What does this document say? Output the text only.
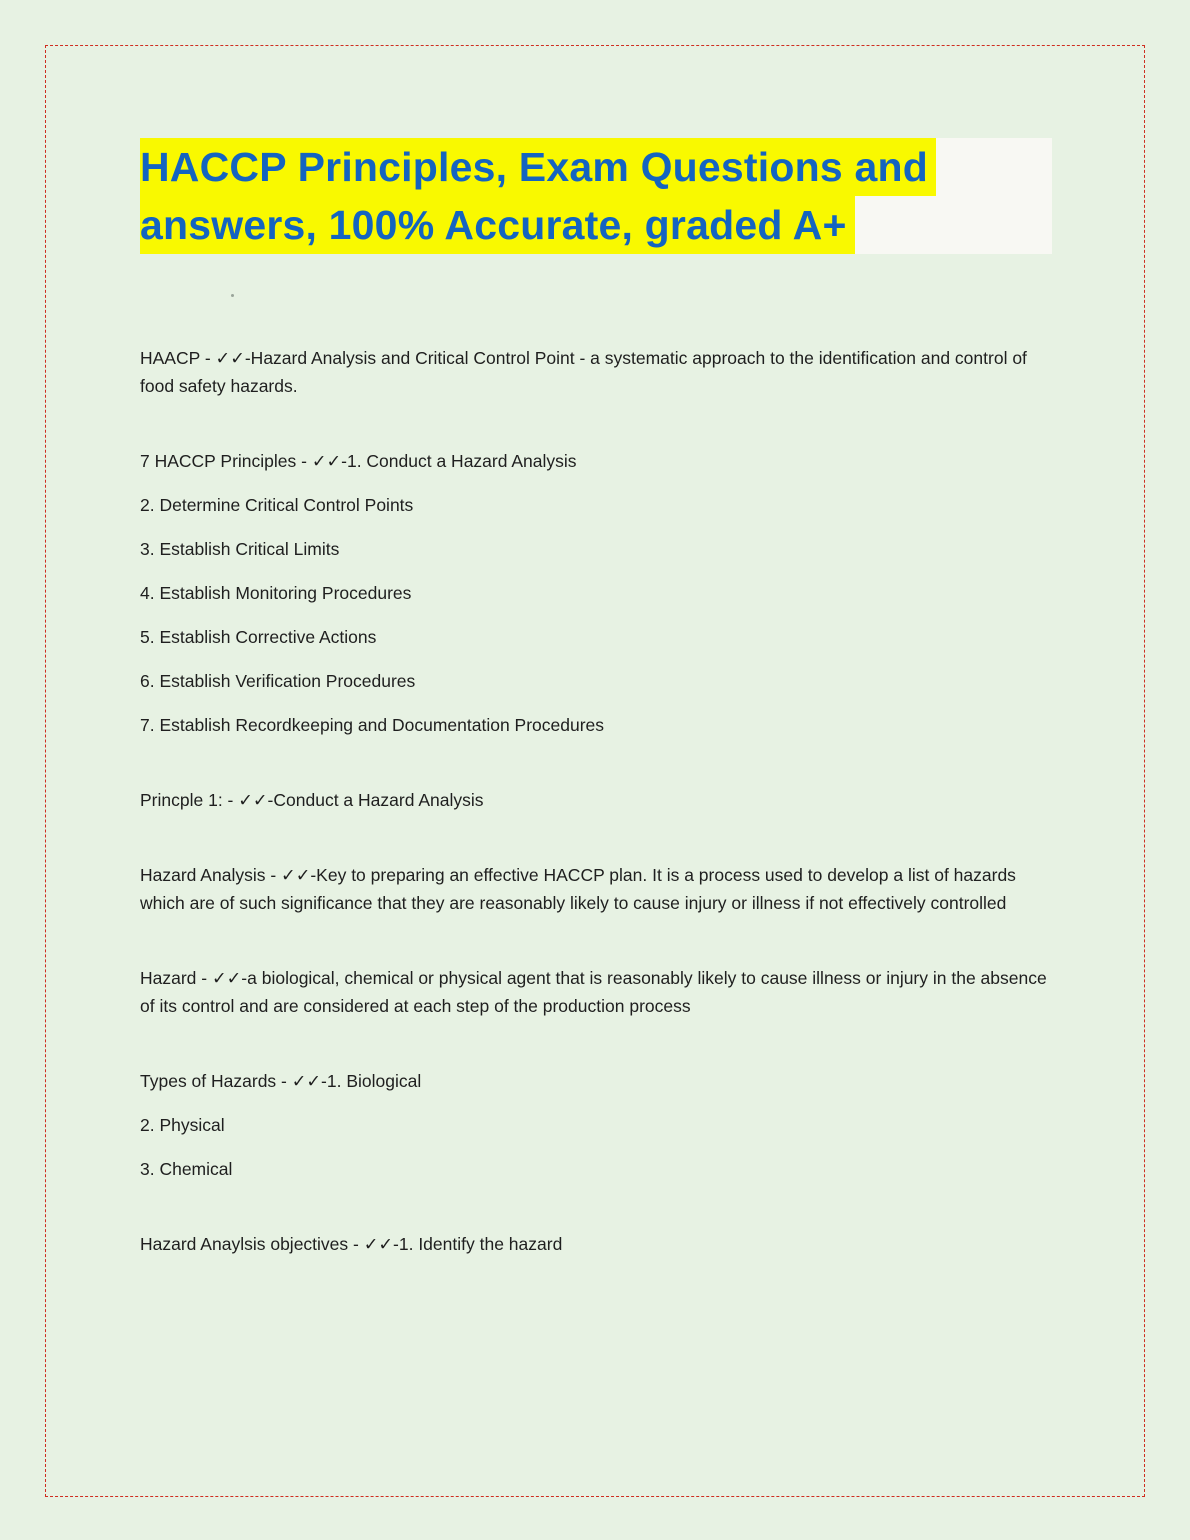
HACCP Principles, Exam Questions and
answers, 100% Accurate, graded A+

HAACP - ✓✓-Hazard Analysis and Critical Control Point - a systematic approach to the identification and control of food safety hazards.

7 HACCP Principles - ✓✓-1. Conduct a Hazard Analysis

2. Determine Critical Control Points

3. Establish Critical Limits

4. Establish Monitoring Procedures

5. Establish Corrective Actions

6. Establish Verification Procedures

7. Establish Recordkeeping and Documentation Procedures

Princple 1: - ✓✓-Conduct a Hazard Analysis

Hazard Analysis - ✓✓-Key to preparing an effective HACCP plan. It is a process used to develop a list of hazards which are of such significance that they are reasonably likely to cause injury or illness if not effectively controlled

Hazard - ✓✓-a biological, chemical or physical agent that is reasonably likely to cause illness or injury in the absence of its control and are considered at each step of the production process

Types of Hazards - ✓✓-1. Biological

2. Physical

3. Chemical

Hazard Anaylsis objectives - ✓✓-1. Identify the hazard
